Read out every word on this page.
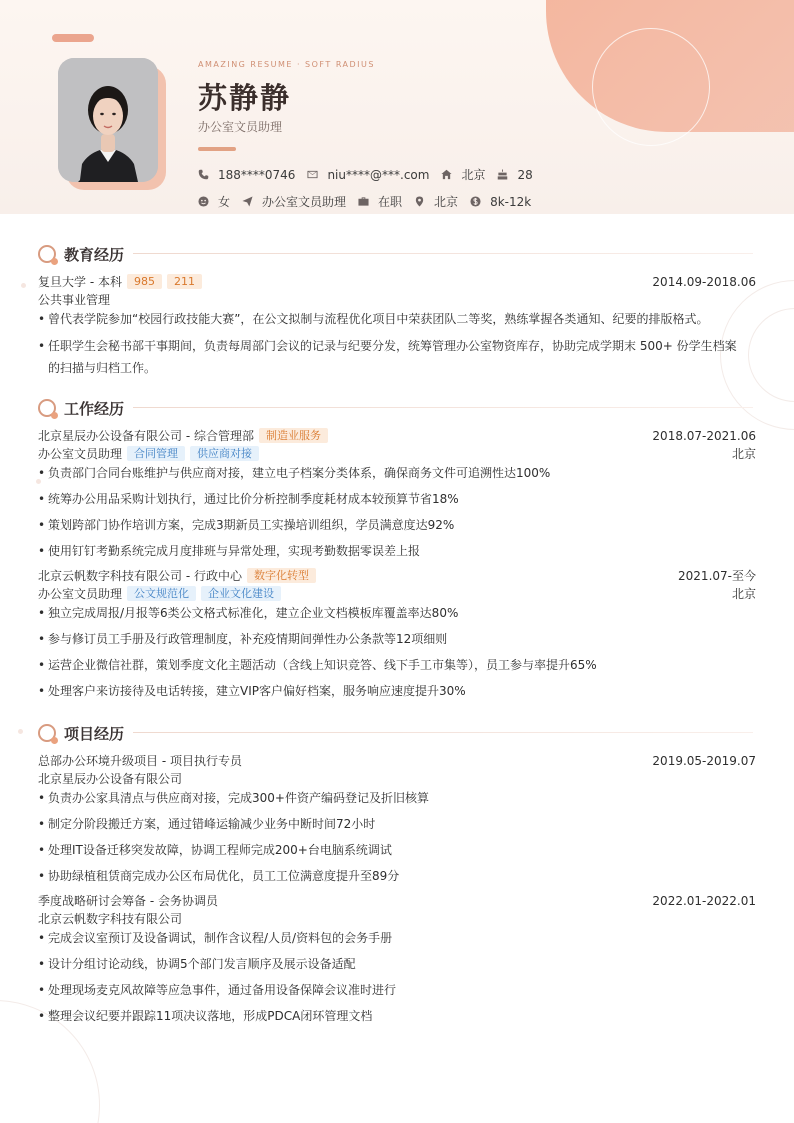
AMAZING RESUME · SOFT RADIUS
苏静静
办公室文员助理
188****0746	niu****@***.com	北京	28
女	办公室文员助理	在职	北京	8k-12k
教育经历
复旦大学 - 本科	985	211	2014.09-2018.06
公共事业管理
• 曾代表学院参加“校园行政技能大赛”，在公文拟制与流程优化项目中荣获团队二等奖，熟练掌握各类通知、纪要的排版格式。
• 任职学生会秘书部干事期间，负责每周部门会议的记录与纪要分发，统筹管理办公室物资库存，协助完成学期末 500+ 份学生档案的扫描与归档工作。
工作经历
北京星辰办公设备有限公司 - 综合管理部	制造业服务	2018.07-2021.06
办公室文员助理	合同管理	供应商对接	北京
• 负责部门合同台账维护与供应商对接，建立电子档案分类体系，确保商务文件可追溯性达100%
• 统筹办公用品采购计划执行，通过比价分析控制季度耗材成本较预算节省18%
• 策划跨部门协作培训方案，完成3期新员工实操培训组织，学员满意度达92%
• 使用钉钉考勤系统完成月度排班与异常处理，实现考勤数据零误差上报
北京云帆数字科技有限公司 - 行政中心	数字化转型	2021.07-至今
办公室文员助理	公文规范化	企业文化建设	北京
• 独立完成周报/月报等6类公文格式标准化，建立企业文档模板库覆盖率达80%
• 参与修订员工手册及行政管理制度，补充疫情期间弹性办公条款等12项细则
• 运营企业微信社群，策划季度文化主题活动（含线上知识竞答、线下手工市集等），员工参与率提升65%
• 处理客户来访接待及电话转接，建立VIP客户偏好档案，服务响应速度提升30%
项目经历
总部办公环境升级项目 - 项目执行专员	2019.05-2019.07
北京星辰办公设备有限公司
• 负责办公家具清点与供应商对接，完成300+件资产编码登记及折旧核算
• 制定分阶段搬迁方案，通过错峰运输减少业务中断时间72小时
• 处理IT设备迁移突发故障，协调工程师完成200+台电脑系统调试
• 协助绿植租赁商完成办公区布局优化，员工工位满意度提升至89分
季度战略研讨会筹备 - 会务协调员	2022.01-2022.01
北京云帆数字科技有限公司
• 完成会议室预订及设备调试，制作含议程/人员/资料包的会务手册
• 设计分组讨论动线，协调5个部门发言顺序及展示设备适配
• 处理现场麦克风故障等应急事件，通过备用设备保障会议准时进行
• 整理会议纪要并跟踪11项决议落地，形成PDCA闭环管理文档
